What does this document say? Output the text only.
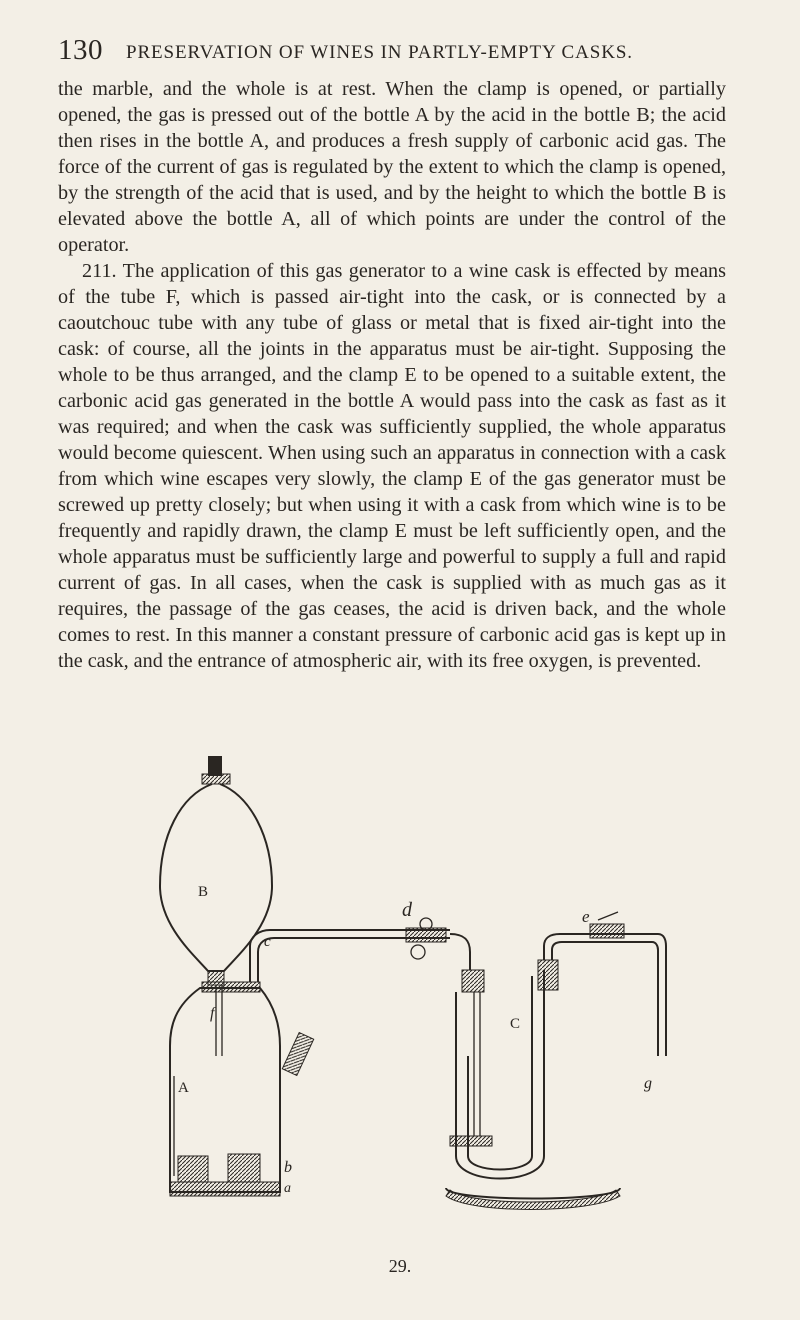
130 PRESERVATION OF WINES IN PARTLY-EMPTY CASKS.

the marble, and the whole is at rest. When the clamp is opened, or partially opened, the gas is pressed out of the bottle A by the acid in the bottle B; the acid then rises in the bottle A, and produces a fresh supply of carbonic acid gas. The force of the current of gas is regulated by the extent to which the clamp is opened, by the strength of the acid that is used, and by the height to which the bottle B is elevated above the bottle A, all of which points are under the control of the operator.

211. The application of this gas generator to a wine cask is effected by means of the tube F, which is passed air-tight into the cask, or is connected by a caoutchouc tube with any tube of glass or metal that is fixed air-tight into the cask: of course, all the joints in the apparatus must be air-tight. Supposing the whole to be thus arranged, and the clamp E to be opened to a suitable extent, the carbonic acid gas generated in the bottle A would pass into the cask as fast as it was required; and when the cask was sufficiently supplied, the whole apparatus would become quiescent. When using such an apparatus in connection with a cask from which wine escapes very slowly, the clamp E of the gas generator must be screwed up pretty closely; but when using it with a cask from which wine is to be frequently and rapidly drawn, the clamp E must be left sufficiently open, and the whole apparatus must be sufficiently large and powerful to supply a full and rapid current of gas. In all cases, when the cask is supplied with as much gas as it requires, the passage of the gas ceases, the acid is driven back, and the whole comes to rest. In this manner a constant pressure of carbonic acid gas is kept up in the cask, and the entrance of atmospheric air, with its free oxygen, is prevented.

B
A
c
d	e
f
g
b
a
C
29.
